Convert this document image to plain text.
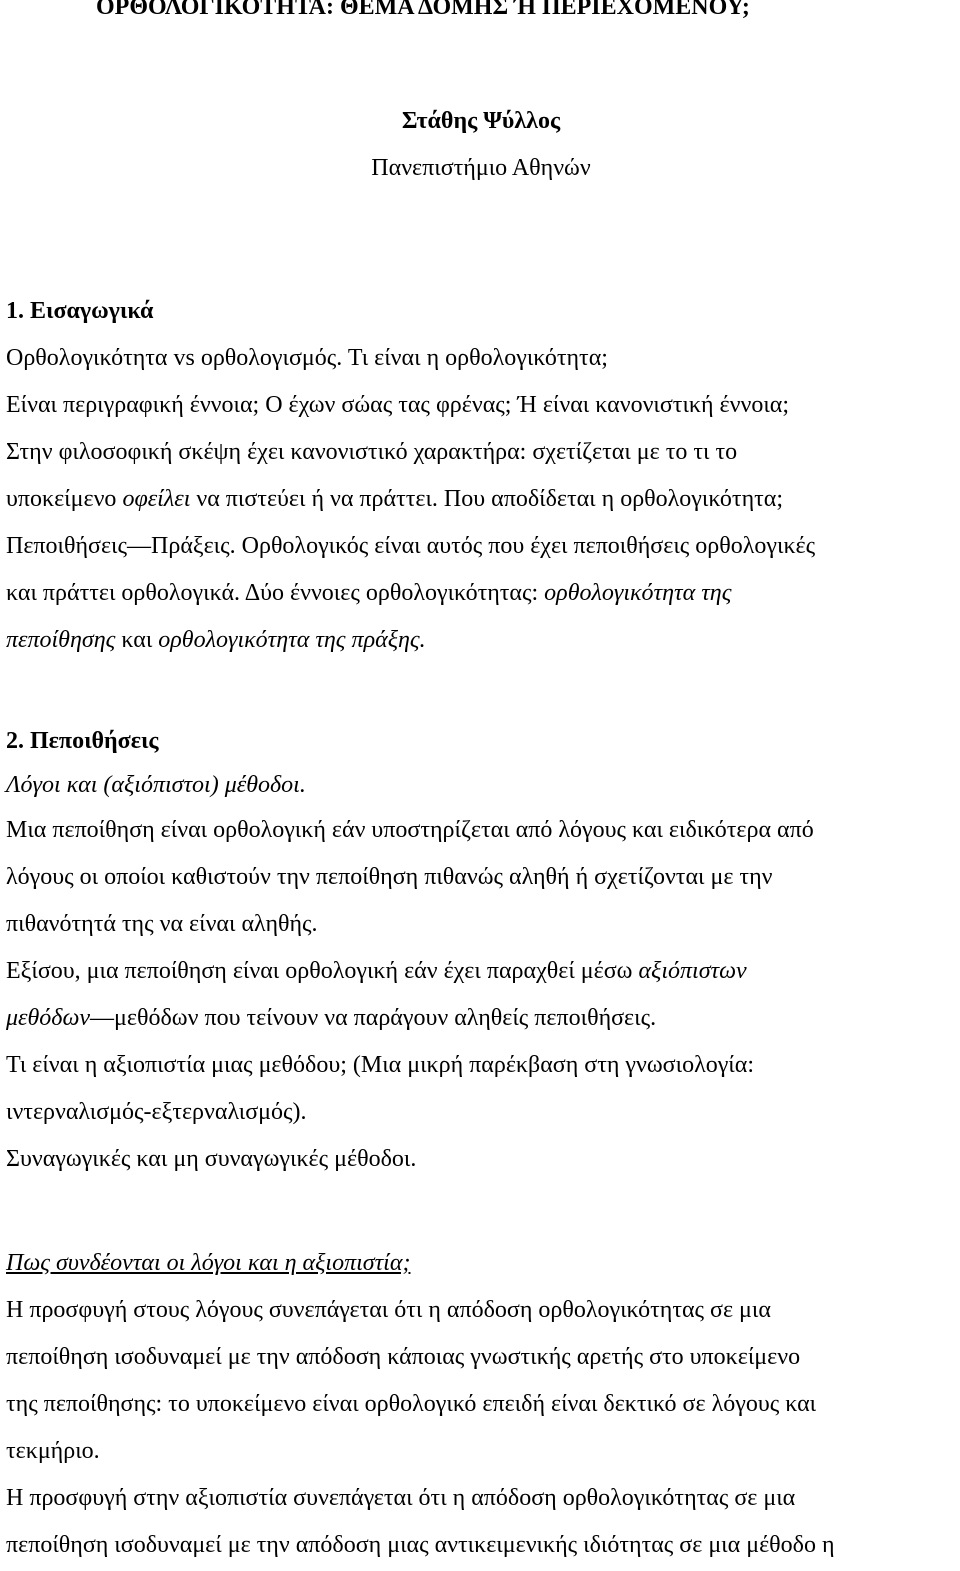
ΟΡΘΟΛΟΓΙΚΟΤΗΤΑ: ΘΕΜΑ ΔΟΜΗΣ Ή ΠΕΡΙΕΧΟΜΕΝΟΥ;
Στάθης Ψύλλος
Πανεπιστήμιο Αθηνών
1. Εισαγωγικά
Ορθολογικότητα vs ορθολογισμός. Τι είναι η ορθολογικότητα;
Είναι περιγραφική έννοια; Ο έχων σώας τας φρένας; Ή είναι κανονιστική έννοια;
Στην φιλοσοφική σκέψη έχει κανονιστικό χαρακτήρα: σχετίζεται με το τι το
υποκείμενο οφείλει να πιστεύει ή να πράττει. Που αποδίδεται η ορθολογικότητα;
Πεποιθήσεις—Πράξεις. Ορθολογικός είναι αυτός που έχει πεποιθήσεις ορθολογικές
και πράττει ορθολογικά. Δύο έννοιες ορθολογικότητας: ορθολογικότητα της
πεποίθησης και ορθολογικότητα της πράξης.
2. Πεποιθήσεις
Λόγοι και (αξιόπιστοι) μέθοδοι.
Μια πεποίθηση είναι ορθολογική εάν υποστηρίζεται από λόγους και ειδικότερα από
λόγους οι οποίοι καθιστούν την πεποίθηση πιθανώς αληθή ή σχετίζονται με την
πιθανότητά της να είναι αληθής.
Εξίσου, μια πεποίθηση είναι ορθολογική εάν έχει παραχθεί μέσω αξιόπιστων
μεθόδων—μεθόδων που τείνουν να παράγουν αληθείς πεποιθήσεις.
Τι είναι η αξιοπιστία μιας μεθόδου; (Μια μικρή παρέκβαση στη γνωσιολογία:
ιντερναλισμός-εξτερναλισμός).
Συναγωγικές και μη συναγωγικές μέθοδοι.
Πως συνδέονται οι λόγοι και η αξιοπιστία;
Η προσφυγή στους λόγους συνεπάγεται ότι η απόδοση ορθολογικότητας σε μια
πεποίθηση ισοδυναμεί με την απόδοση κάποιας γνωστικής αρετής στο υποκείμενο
της πεποίθησης: το υποκείμενο είναι ορθολογικό επειδή είναι δεκτικό σε λόγους και
τεκμήριο.
Η προσφυγή στην αξιοπιστία συνεπάγεται ότι η απόδοση ορθολογικότητας σε μια
πεποίθηση ισοδυναμεί με την απόδοση μιας αντικειμενικής ιδιότητας σε μια μέθοδο η
